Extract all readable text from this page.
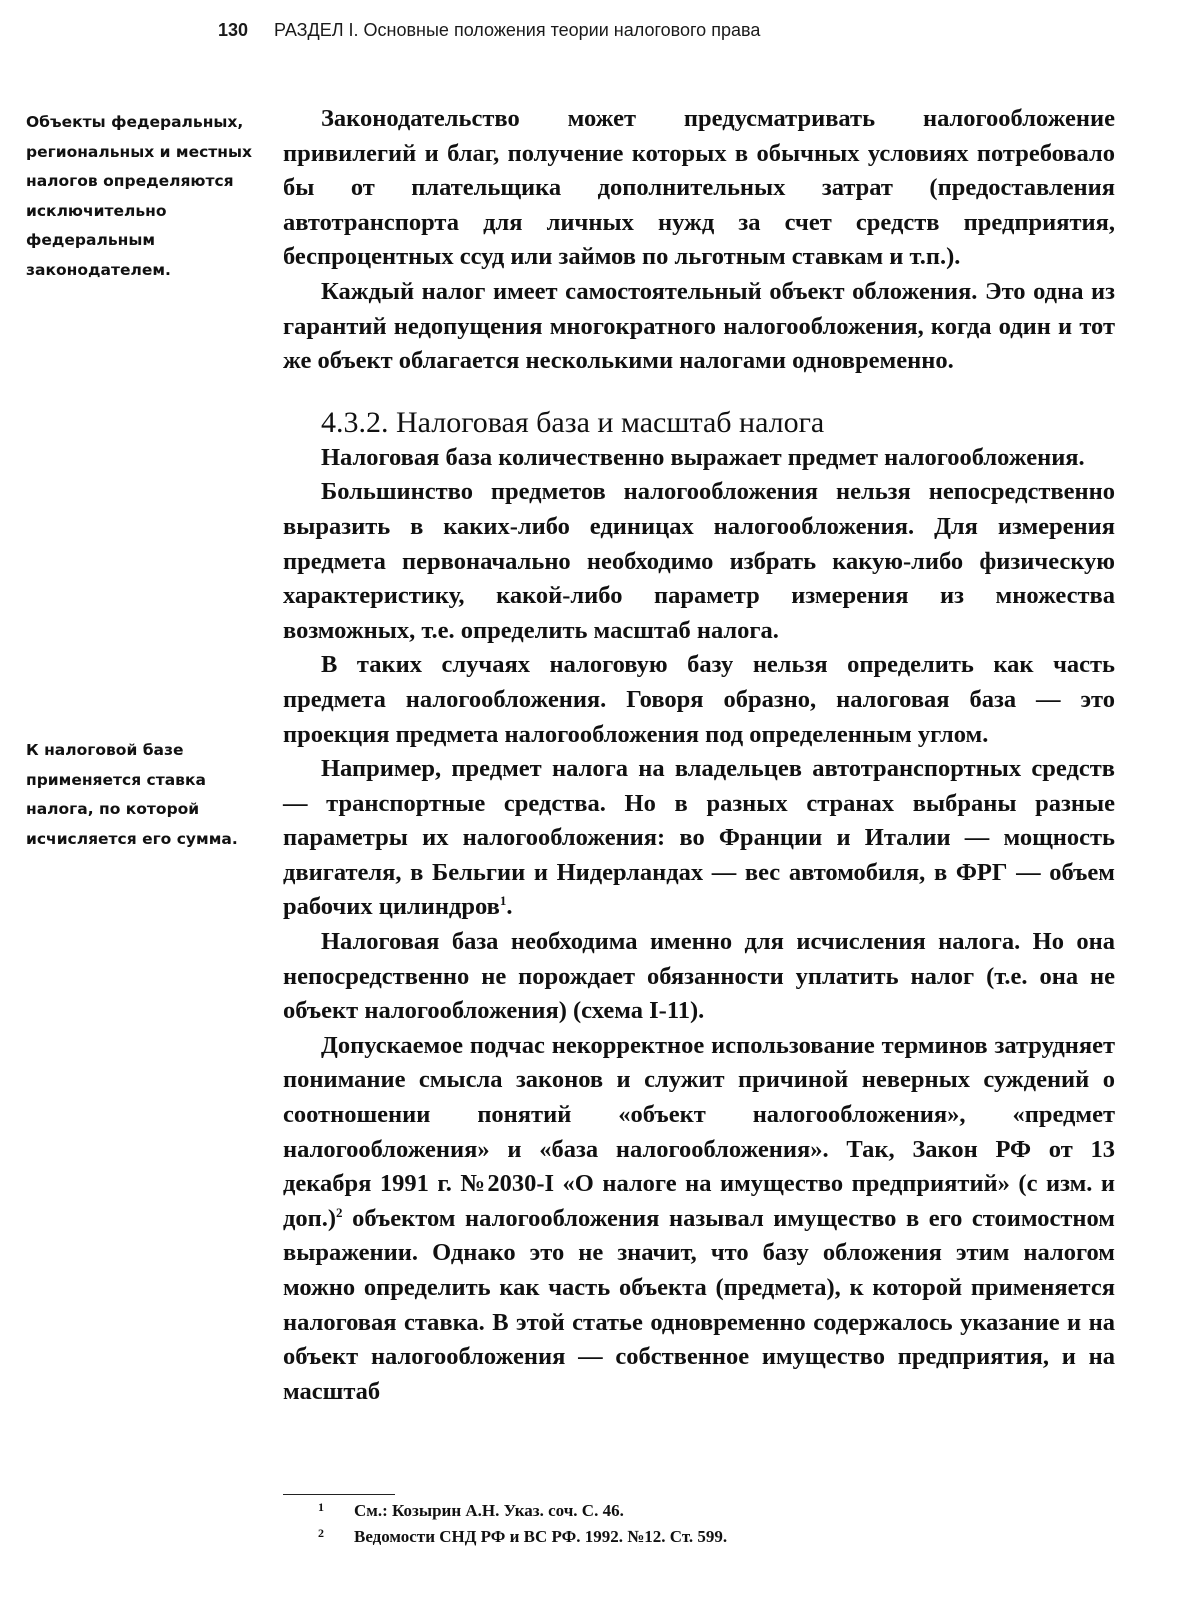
130 РАЗДЕЛ I. Основные положения теории налогового права

Объекты федеральных, региональных и местных налогов определяются исключительно федеральным законодателем.

К налоговой базе применяется ставка налога, по которой исчисляется его сумма.

Законодательство может предусматривать налогообложение привилегий и благ, получение которых в обычных условиях потребовало бы от плательщика дополнительных затрат (предоставления автотранспорта для личных нужд за счет средств предприятия, беспроцентных ссуд или займов по льготным ставкам и т.п.).

Каждый налог имеет самостоятельный объект обложения. Это одна из гарантий недопущения многократного налогообложения, когда один и тот же объект облагается несколькими налогами одновременно.

4.3.2. Налоговая база и масштаб налога

Налоговая база количественно выражает предмет налогообложения.

Большинство предметов налогообложения нельзя непосредственно выразить в каких-либо единицах налогообложения. Для измерения предмета первоначально необходимо избрать какую-либо физическую характеристику, какой-либо параметр измерения из множества возможных, т.е. определить масштаб налога.

В таких случаях налоговую базу нельзя определить как часть предмета налогообложения. Говоря образно, налоговая база — это проекция предмета налогообложения под определенным углом.

Например, предмет налога на владельцев автотранспортных средств — транспортные средства. Но в разных странах выбраны разные параметры их налогообложения: во Франции и Италии — мощность двигателя, в Бельгии и Нидерландах — вес автомобиля, в ФРГ — объем рабочих цилиндров$^1$.

Налоговая база необходима именно для исчисления налога. Но она непосредственно не порождает обязанности уплатить налог (т.е. она не объект налогообложения) (схема I-11).

Допускаемое подчас некорректное использование терминов затрудняет понимание смысла законов и служит причиной неверных суждений о соотношении понятий «объект налогообложения», «предмет налогообложения» и «база налогообложения». Так, Закон РФ от 13 декабря 1991 г. №2030-I «О налоге на имущество предприятий» (с изм. и доп.)$^2$ объектом налогообложения называл имущество в его стоимостном выражении. Однако это не значит, что базу обложения этим налогом можно определить как часть объекта (предмета), к которой применяется налоговая ставка. В этой статье одновременно содержалось указание и на объект налогообложения — собственное имущество предприятия, и на масштаб

1 См.: Козырин А.Н. Указ. соч. С. 46.
2 Ведомости СНД РФ и ВС РФ. 1992. №12. Ст. 599.
